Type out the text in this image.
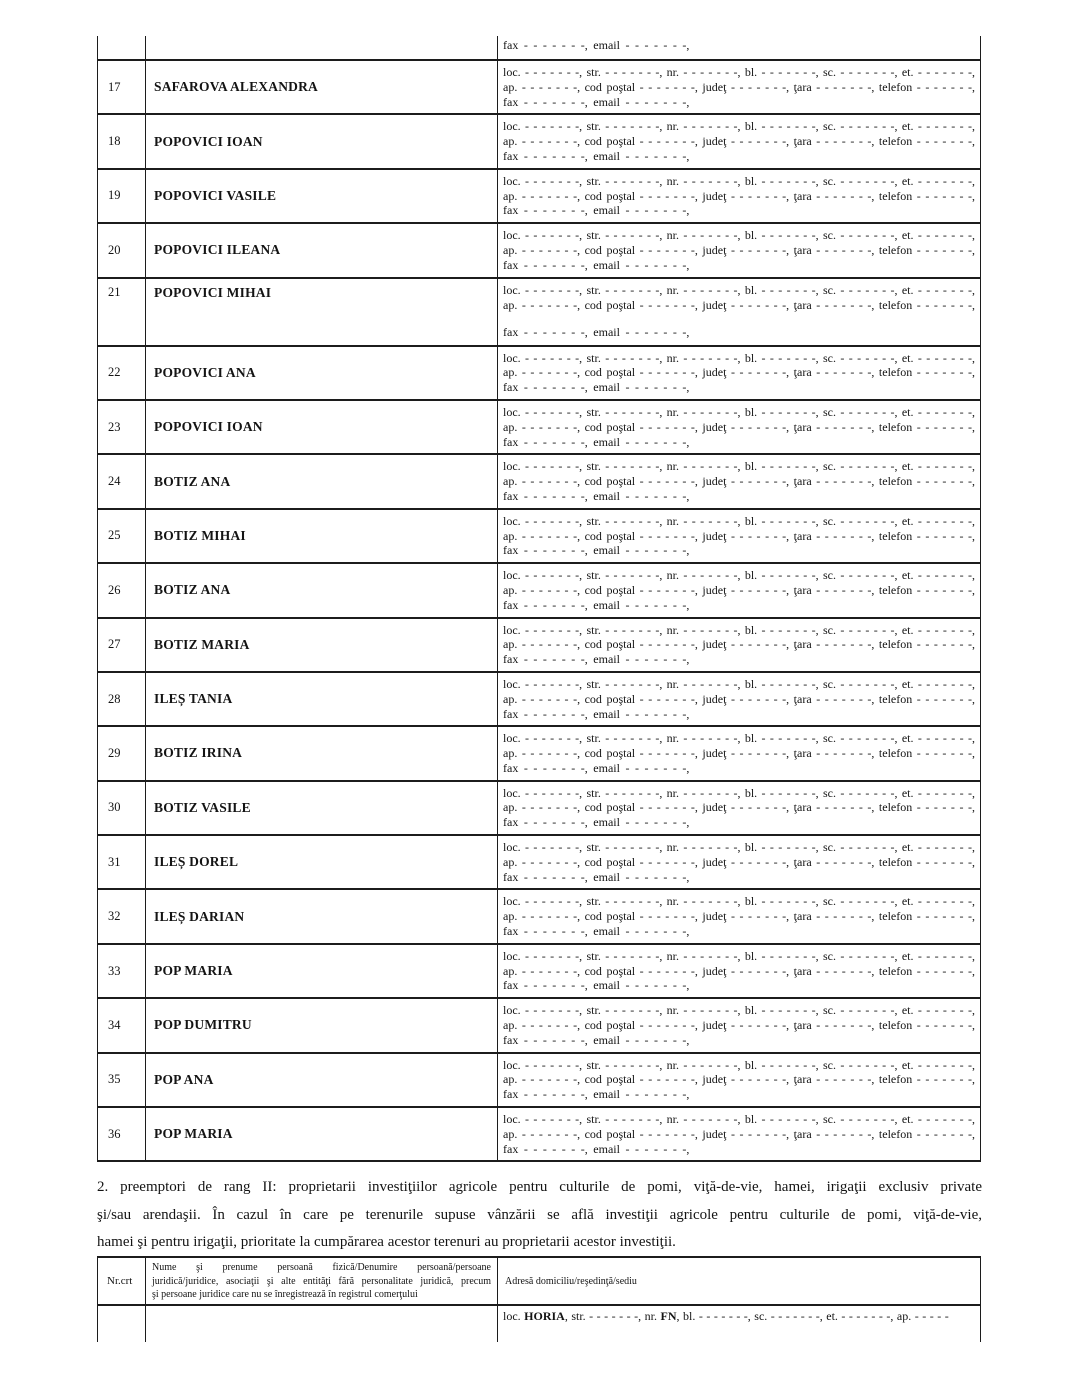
		fax - - - - - - -, email - - - - - - -,

17	SAFAROVA ALEXANDRA	loc. - - - - - - -, str. - - - - - - -, nr. - - - - - - -, bl. - - - - - - -, sc. - - - - - - -, et. - - - - - - -,
ap. - - - - - - -, cod poştal - - - - - - -, judeţ - - - - - - -, ţara - - - - - - -, telefon - - - - - - -,
fax - - - - - - -, email - - - - - - -,

18	POPOVICI IOAN	loc. - - - - - - -, str. - - - - - - -, nr. - - - - - - -, bl. - - - - - - -, sc. - - - - - - -, et. - - - - - - -,
ap. - - - - - - -, cod poştal - - - - - - -, judeţ - - - - - - -, ţara - - - - - - -, telefon - - - - - - -,
fax - - - - - - -, email - - - - - - -,

19	POPOVICI VASILE	loc. - - - - - - -, str. - - - - - - -, nr. - - - - - - -, bl. - - - - - - -, sc. - - - - - - -, et. - - - - - - -,
ap. - - - - - - -, cod poştal - - - - - - -, judeţ - - - - - - -, ţara - - - - - - -, telefon - - - - - - -,
fax - - - - - - -, email - - - - - - -,

20	POPOVICI ILEANA	loc. - - - - - - -, str. - - - - - - -, nr. - - - - - - -, bl. - - - - - - -, sc. - - - - - - -, et. - - - - - - -,
ap. - - - - - - -, cod poştal - - - - - - -, judeţ - - - - - - -, ţara - - - - - - -, telefon - - - - - - -,
fax - - - - - - -, email - - - - - - -,

21	POPOVICI MIHAI	loc. - - - - - - -, str. - - - - - - -, nr. - - - - - - -, bl. - - - - - - -, sc. - - - - - - -, et. - - - - - - -,
ap. - - - - - - -, cod poştal - - - - - - -, judeţ - - - - - - -, ţara - - - - - - -, telefon - - - - - - -,
fax - - - - - - -, email - - - - - - -,

22	POPOVICI ANA	loc. - - - - - - -, str. - - - - - - -, nr. - - - - - - -, bl. - - - - - - -, sc. - - - - - - -, et. - - - - - - -,
ap. - - - - - - -, cod poştal - - - - - - -, judeţ - - - - - - -, ţara - - - - - - -, telefon - - - - - - -,
fax - - - - - - -, email - - - - - - -,

23	POPOVICI IOAN	loc. - - - - - - -, str. - - - - - - -, nr. - - - - - - -, bl. - - - - - - -, sc. - - - - - - -, et. - - - - - - -,
ap. - - - - - - -, cod poştal - - - - - - -, judeţ - - - - - - -, ţara - - - - - - -, telefon - - - - - - -,
fax - - - - - - -, email - - - - - - -,

24	BOTIZ ANA	loc. - - - - - - -, str. - - - - - - -, nr. - - - - - - -, bl. - - - - - - -, sc. - - - - - - -, et. - - - - - - -,
ap. - - - - - - -, cod poştal - - - - - - -, judeţ - - - - - - -, ţara - - - - - - -, telefon - - - - - - -,
fax - - - - - - -, email - - - - - - -,

25	BOTIZ MIHAI	loc. - - - - - - -, str. - - - - - - -, nr. - - - - - - -, bl. - - - - - - -, sc. - - - - - - -, et. - - - - - - -,
ap. - - - - - - -, cod poştal - - - - - - -, judeţ - - - - - - -, ţara - - - - - - -, telefon - - - - - - -,
fax - - - - - - -, email - - - - - - -,

26	BOTIZ ANA	loc. - - - - - - -, str. - - - - - - -, nr. - - - - - - -, bl. - - - - - - -, sc. - - - - - - -, et. - - - - - - -,
ap. - - - - - - -, cod poştal - - - - - - -, judeţ - - - - - - -, ţara - - - - - - -, telefon - - - - - - -,
fax - - - - - - -, email - - - - - - -,

27	BOTIZ MARIA	loc. - - - - - - -, str. - - - - - - -, nr. - - - - - - -, bl. - - - - - - -, sc. - - - - - - -, et. - - - - - - -,
ap. - - - - - - -, cod poştal - - - - - - -, judeţ - - - - - - -, ţara - - - - - - -, telefon - - - - - - -,
fax - - - - - - -, email - - - - - - -,

28	ILEȘ TANIA	loc. - - - - - - -, str. - - - - - - -, nr. - - - - - - -, bl. - - - - - - -, sc. - - - - - - -, et. - - - - - - -,
ap. - - - - - - -, cod poştal - - - - - - -, judeţ - - - - - - -, ţara - - - - - - -, telefon - - - - - - -,
fax - - - - - - -, email - - - - - - -,

29	BOTIZ IRINA	loc. - - - - - - -, str. - - - - - - -, nr. - - - - - - -, bl. - - - - - - -, sc. - - - - - - -, et. - - - - - - -,
ap. - - - - - - -, cod poştal - - - - - - -, judeţ - - - - - - -, ţara - - - - - - -, telefon - - - - - - -,
fax - - - - - - -, email - - - - - - -,

30	BOTIZ VASILE	loc. - - - - - - -, str. - - - - - - -, nr. - - - - - - -, bl. - - - - - - -, sc. - - - - - - -, et. - - - - - - -,
ap. - - - - - - -, cod poştal - - - - - - -, judeţ - - - - - - -, ţara - - - - - - -, telefon - - - - - - -,
fax - - - - - - -, email - - - - - - -,

31	ILEȘ DOREL	loc. - - - - - - -, str. - - - - - - -, nr. - - - - - - -, bl. - - - - - - -, sc. - - - - - - -, et. - - - - - - -,
ap. - - - - - - -, cod poştal - - - - - - -, judeţ - - - - - - -, ţara - - - - - - -, telefon - - - - - - -,
fax - - - - - - -, email - - - - - - -,

32	ILEȘ DARIAN	loc. - - - - - - -, str. - - - - - - -, nr. - - - - - - -, bl. - - - - - - -, sc. - - - - - - -, et. - - - - - - -,
ap. - - - - - - -, cod poştal - - - - - - -, judeţ - - - - - - -, ţara - - - - - - -, telefon - - - - - - -,
fax - - - - - - -, email - - - - - - -,

33	POP MARIA	loc. - - - - - - -, str. - - - - - - -, nr. - - - - - - -, bl. - - - - - - -, sc. - - - - - - -, et. - - - - - - -,
ap. - - - - - - -, cod poştal - - - - - - -, judeţ - - - - - - -, ţara - - - - - - -, telefon - - - - - - -,
fax - - - - - - -, email - - - - - - -,

34	POP DUMITRU	loc. - - - - - - -, str. - - - - - - -, nr. - - - - - - -, bl. - - - - - - -, sc. - - - - - - -, et. - - - - - - -,
ap. - - - - - - -, cod poştal - - - - - - -, judeţ - - - - - - -, ţara - - - - - - -, telefon - - - - - - -,
fax - - - - - - -, email - - - - - - -,

35	POP ANA	loc. - - - - - - -, str. - - - - - - -, nr. - - - - - - -, bl. - - - - - - -, sc. - - - - - - -, et. - - - - - - -,
ap. - - - - - - -, cod poştal - - - - - - -, judeţ - - - - - - -, ţara - - - - - - -, telefon - - - - - - -,
fax - - - - - - -, email - - - - - - -,

36	POP MARIA	loc. - - - - - - -, str. - - - - - - -, nr. - - - - - - -, bl. - - - - - - -, sc. - - - - - - -, et. - - - - - - -,
ap. - - - - - - -, cod poştal - - - - - - -, judeţ - - - - - - -, ţara - - - - - - -, telefon - - - - - - -,
fax - - - - - - -, email - - - - - - -,
2. preemptori de rang II: proprietarii investiţiilor agricole pentru culturile de pomi, viţă-de-vie, hamei, irigaţii exclusiv private
şi/sau arendaşii. În cazul în care pe terenurile supuse vânzării se află investiţii agricole pentru culturile de pomi, viţă-de-vie,
hamei şi pentru irigaţii, prioritate la cumpărarea acestor terenuri au proprietarii acestor investiţii.
Nr.crt	Nume şi prenume persoană fizică/Denumire persoană/persoane
juridică/juridice, asociaţii şi alte entităţi fără personalitate juridică, precum
şi persoane juridice care nu se înregistrează în registrul comerţului	Adresă domiciliu/reşedinţă/sediu

		loc. HORIA, str. - - - - - - -, nr. FN, bl. - - - - - - -, sc. - - - - - - -, et. - - - - - - -, ap. - - - - -
